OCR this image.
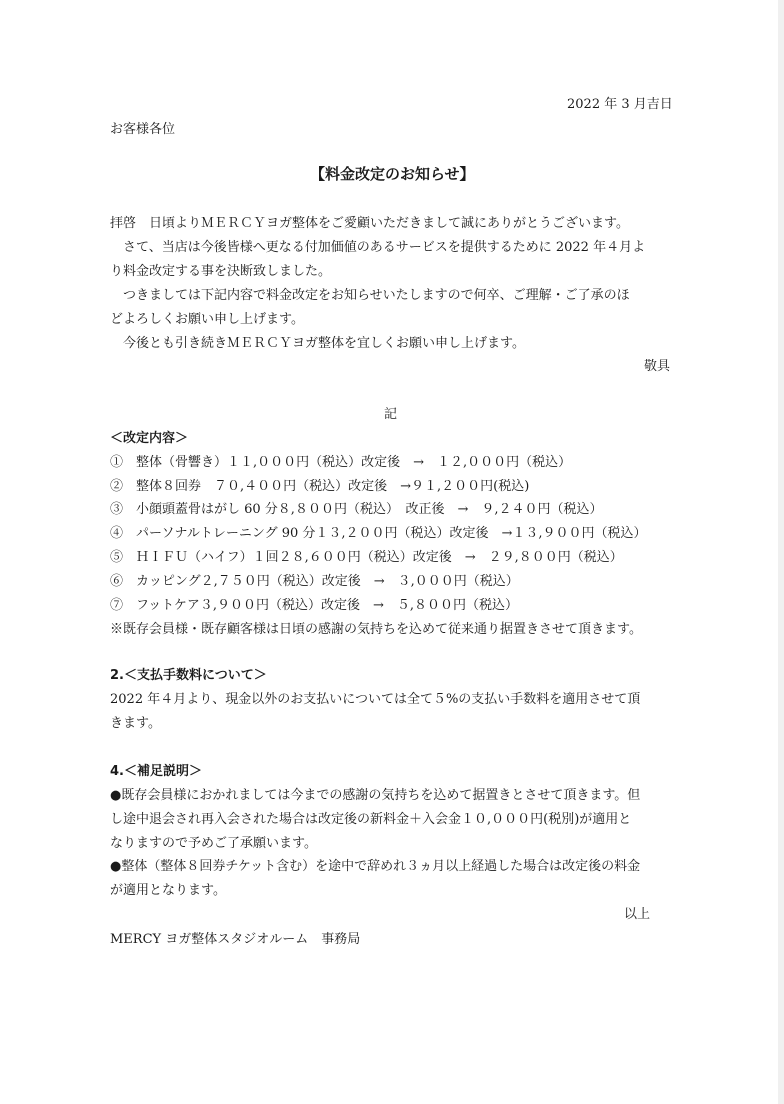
2022 年 3 月吉日
お客様各位
【料金改定のお知らせ】
拝啓　日頃よりＭＥＲＣＹヨガ整体をご愛顧いただきまして誠にありがとうございます。
　さて、当店は今後皆様へ更なる付加価値のあるサービスを提供するために 2022 年４月よ
り料金改定する事を決断致しました。
　つきましては下記内容で料金改定をお知らせいたしますので何卒、ご理解・ご了承のほ
どよろしくお願い申し上げます。
　今後とも引き続きＭＥＲＣＹヨガ整体を宜しくお願い申し上げます。
敬具
記
＜改定内容＞
①　整体（骨響き）１１,０００円（税込）改定後　→　１２,０００円（税込）
②　整体８回券　７０,４００円（税込）改定後　→９１,２００円(税込)
③　小顔頭蓋骨はがし 60 分８,８００円（税込）　改正後　→　９,２４０円（税込）
④　パーソナルトレーニング 90 分１３,２００円（税込）改定後　→１３,９００円（税込）
⑤　ＨＩＦＵ（ハイフ）１回２８,６００円（税込）改定後　→　２９,８００円（税込）
⑥　カッピング２,７５０円（税込）改定後　→　３,０００円（税込）
⑦　フットケア３,９００円（税込）改定後　→　５,８００円（税込）
※既存会員様・既存顧客様は日頃の感謝の気持ちを込めて従来通り据置きさせて頂きます。
2.＜支払手数料について＞
2022 年４月より、現金以外のお支払いについては全て５%の支払い手数料を適用させて頂
きます。
4.＜補足説明＞
●既存会員様におかれましては今までの感謝の気持ちを込めて据置きとさせて頂きます。但
し途中退会され再入会された場合は改定後の新料金＋入会金１０,０００円(税別)が適用と
なりますので予めご了承願います。
●整体（整体８回券チケット含む）を途中で辞めれ３ヵ月以上経過した場合は改定後の料金
が適用となります。
以上
MERCY ヨガ整体スタジオルーム　事務局
